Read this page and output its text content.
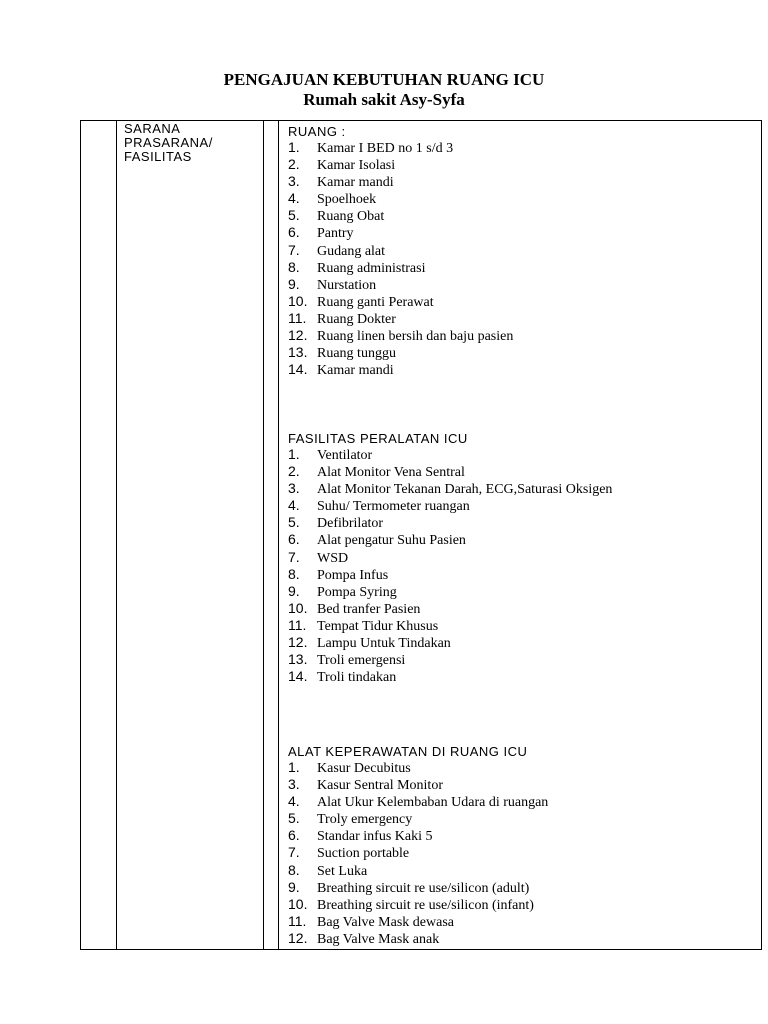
PENGAJUAN KEBUTUHAN RUANG ICU
Rumah sakit Asy-Syfa
SARANA
PRASARANA/
FASILITAS
RUANG :
1.	Kamar I BED no 1 s/d 3
2.	Kamar Isolasi
3.	Kamar mandi
4.	Spoelhoek
5.	Ruang Obat
6.	Pantry
7.	Gudang alat
8.	Ruang administrasi
9.	Nurstation
10. Ruang ganti Perawat
11. Ruang Dokter
12. Ruang linen bersih dan baju pasien
13. Ruang tunggu
14. Kamar mandi
FASILITAS PERALATAN ICU
1.	Ventilator
2.	Alat Monitor Vena Sentral
3.	Alat Monitor Tekanan Darah, ECG,Saturasi Oksigen
4.	Suhu/ Termometer ruangan
5.	Defibrilator
6.	Alat pengatur Suhu Pasien
7.	WSD
8.	Pompa Infus
9.	Pompa Syring
10. Bed tranfer Pasien
11. Tempat Tidur Khusus
12. Lampu Untuk Tindakan
13. Troli emergensi
14. Troli tindakan
ALAT KEPERAWATAN DI RUANG ICU
1.	Kasur Decubitus
3.	Kasur Sentral Monitor
4.	Alat Ukur Kelembaban Udara di ruangan
5.	Troly emergency
6.	Standar infus Kaki 5
7.	Suction portable
8.	Set Luka
9.	Breathing sircuit re use/silicon (adult)
10. Breathing sircuit re use/silicon (infant)
11. Bag Valve Mask dewasa
12. Bag Valve Mask anak
